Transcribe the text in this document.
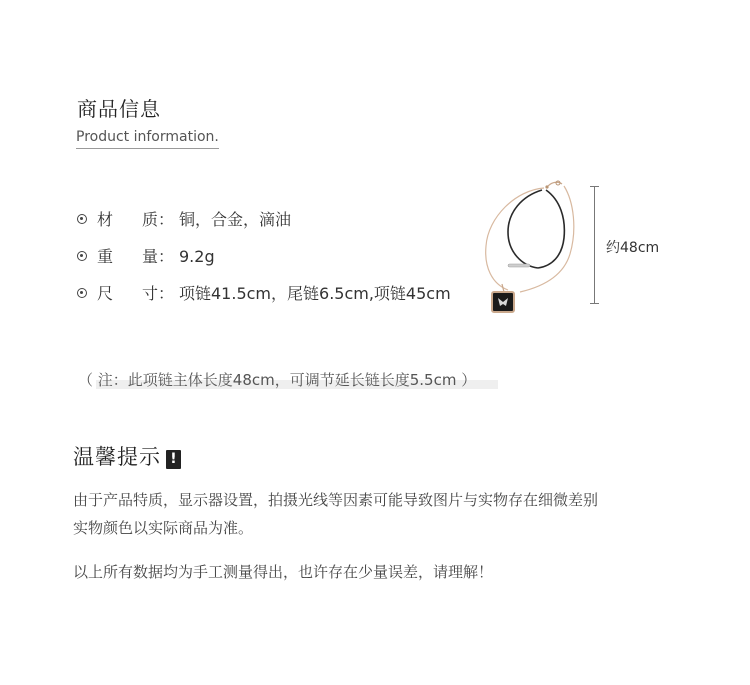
商品信息
Product information.
材 质 ： 铜，合金，滴油
重 量 ： 9.2g
尺 寸 ： 项链41.5cm，尾链6.5cm,项链45cm
约48cm
（ 注：此项链主体长度48cm，可调节延长链长度5.5cm ）
温馨提示 !
由于产品特质，显示器设置，拍摄光线等因素可能导致图片与实物存在细微差别
实物颜色以实际商品为准。
以上所有数据均为手工测量得出，也许存在少量误差，请理解！
